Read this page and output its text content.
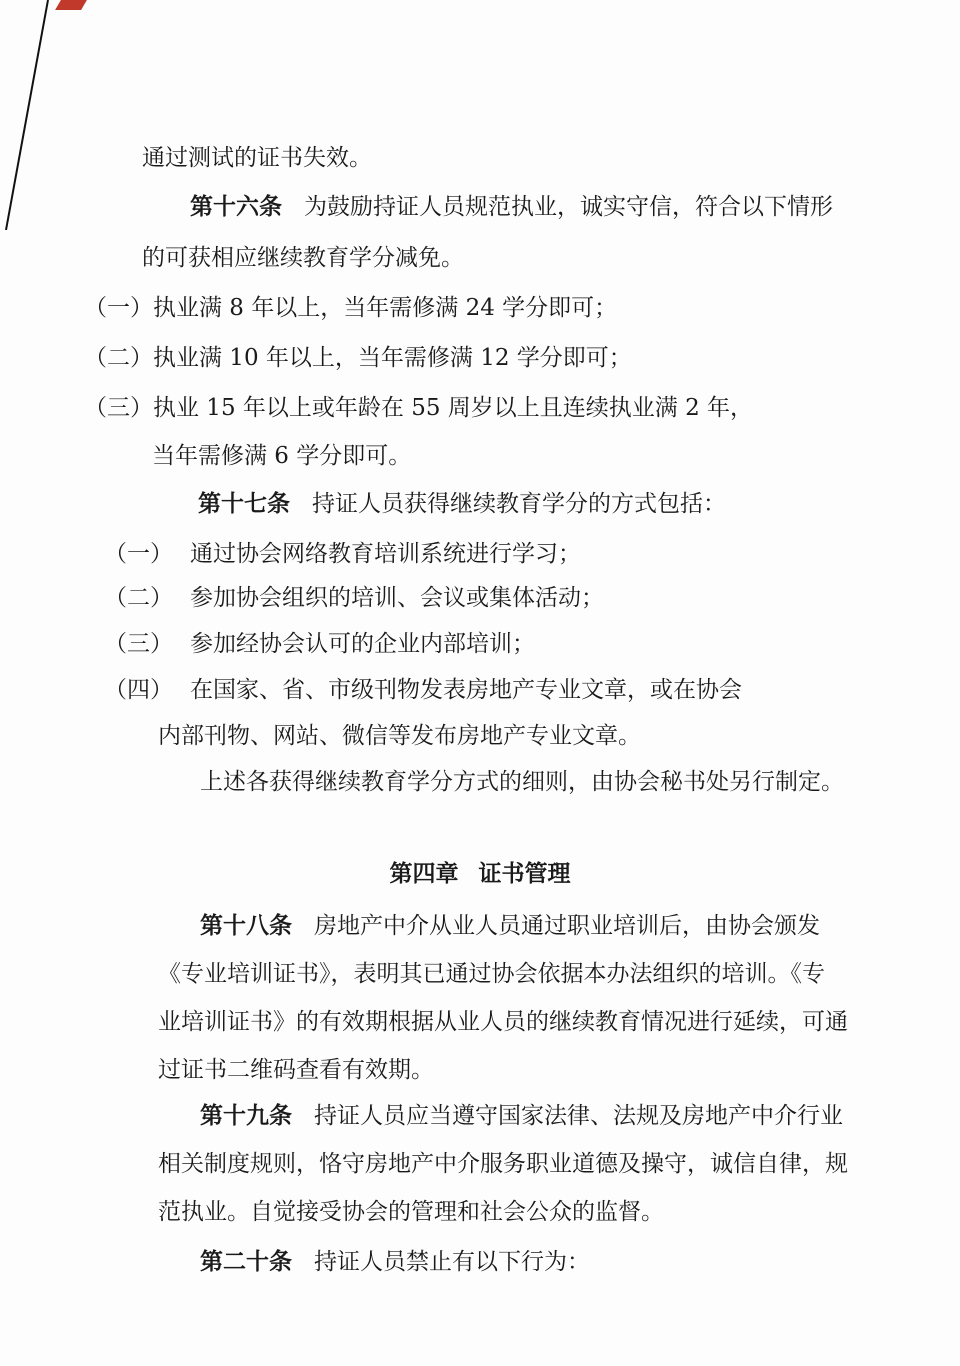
通过测试的证书失效。
第十六条 为鼓励持证人员规范执业，诚实守信，符合以下情形
的可获相应继续教育学分减免。
（一）执业满 8 年以上，当年需修满 24 学分即可；
（二）执业满 10 年以上，当年需修满 12 学分即可；
（三）执业 15 年以上或年龄在 55 周岁以上且连续执业满 2 年，
当年需修满 6 学分即可。
第十七条 持证人员获得继续教育学分的方式包括：
（一） 通过协会网络教育培训系统进行学习；
（二） 参加协会组织的培训、会议或集体活动；
（三） 参加经协会认可的企业内部培训；
（四） 在国家、省、市级刊物发表房地产专业文章，或在协会
内部刊物、网站、微信等发布房地产专业文章。
上述各获得继续教育学分方式的细则，由协会秘书处另行制定。
第四章 证书管理
第十八条 房地产中介从业人员通过职业培训后，由协会颁发
《专业培训证书》，表明其已通过协会依据本办法组织的培训。《专
业培训证书》的有效期根据从业人员的继续教育情况进行延续，可通
过证书二维码查看有效期。
第十九条 持证人员应当遵守国家法律、法规及房地产中介行业
相关制度规则，恪守房地产中介服务职业道德及操守，诚信自律，规
范执业。自觉接受协会的管理和社会公众的监督。
第二十条 持证人员禁止有以下行为：
